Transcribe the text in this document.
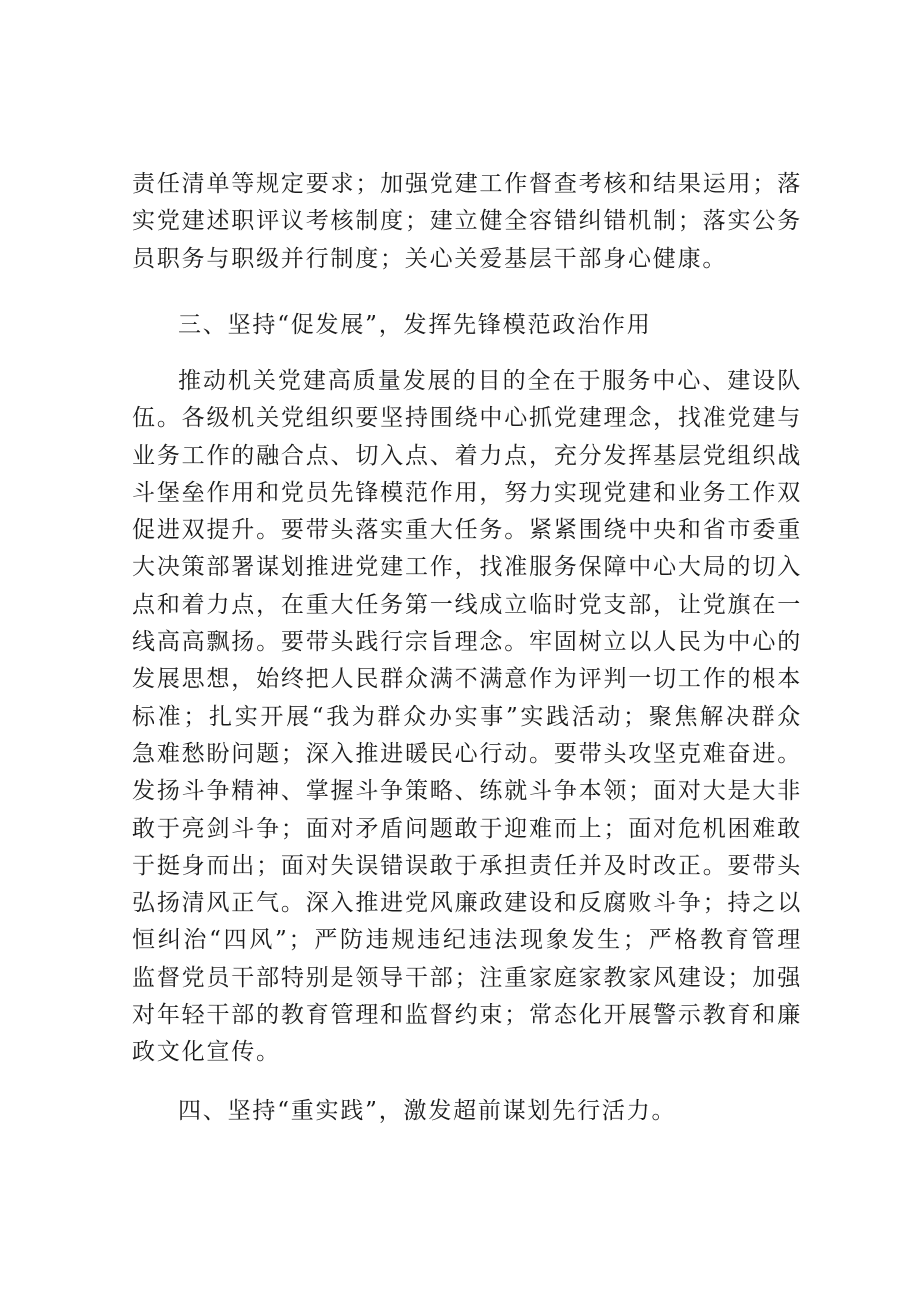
责任清单等规定要求；加强党建工作督查考核和结果运用；落实党建述职评议考核制度；建立健全容错纠错机制；落实公务员职务与职级并行制度；关心关爱基层干部身心健康。

三、坚持“促发展”，发挥先锋模范政治作用

推动机关党建高质量发展的目的全在于服务中心、建设队伍。各级机关党组织要坚持围绕中心抓党建理念，找准党建与业务工作的融合点、切入点、着力点，充分发挥基层党组织战斗堡垒作用和党员先锋模范作用，努力实现党建和业务工作双促进双提升。要带头落实重大任务。紧紧围绕中央和省市委重大决策部署谋划推进党建工作，找准服务保障中心大局的切入点和着力点，在重大任务第一线成立临时党支部，让党旗在一线高高飘扬。要带头践行宗旨理念。牢固树立以人民为中心的发展思想，始终把人民群众满不满意作为评判一切工作的根本标准；扎实开展“我为群众办实事”实践活动；聚焦解决群众急难愁盼问题；深入推进暖民心行动。要带头攻坚克难奋进。发扬斗争精神、掌握斗争策略、练就斗争本领；面对大是大非敢于亮剑斗争；面对矛盾问题敢于迎难而上；面对危机困难敢于挺身而出；面对失误错误敢于承担责任并及时改正。要带头弘扬清风正气。深入推进党风廉政建设和反腐败斗争；持之以恒纠治“四风”；严防违规违纪违法现象发生；严格教育管理监督党员干部特别是领导干部；注重家庭家教家风建设；加强对年轻干部的教育管理和监督约束；常态化开展警示教育和廉政文化宣传。

四、坚持“重实践”，激发超前谋划先行活力。
